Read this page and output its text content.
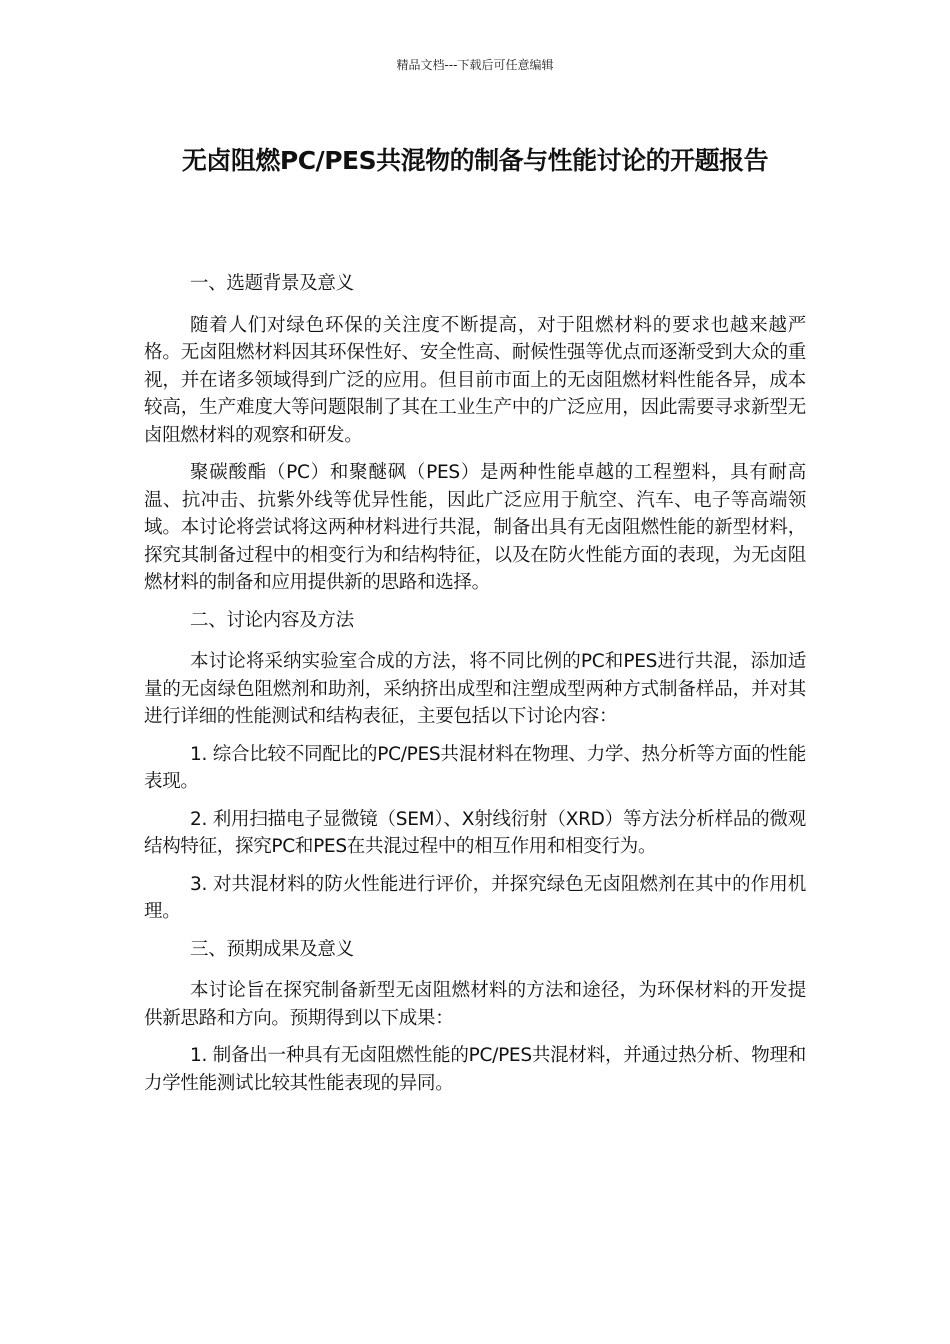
精品文档---下载后可任意编辑
无卤阻燃PC/PES共混物的制备与性能讨论的开题报告

一、选题背景及意义

随着人们对绿色环保的关注度不断提高，对于阻燃材料的要求也越来越严格。无卤阻燃材料因其环保性好、安全性高、耐候性强等优点而逐渐受到大众的重视，并在诸多领域得到广泛的应用。但目前市面上的无卤阻燃材料性能各异，成本较高，生产难度大等问题限制了其在工业生产中的广泛应用，因此需要寻求新型无卤阻燃材料的观察和研发。

聚碳酸酯（PC）和聚醚砜（PES）是两种性能卓越的工程塑料，具有耐高温、抗冲击、抗紫外线等优异性能，因此广泛应用于航空、汽车、电子等高端领域。本讨论将尝试将这两种材料进行共混，制备出具有无卤阻燃性能的新型材料，探究其制备过程中的相变行为和结构特征，以及在防火性能方面的表现，为无卤阻燃材料的制备和应用提供新的思路和选择。

二、讨论内容及方法

本讨论将采纳实验室合成的方法，将不同比例的PC和PES进行共混，添加适量的无卤绿色阻燃剂和助剂，采纳挤出成型和注塑成型两种方式制备样品，并对其进行详细的性能测试和结构表征，主要包括以下讨论内容：

1. 综合比较不同配比的PC/PES共混材料在物理、力学、热分析等方面的性能表现。

2. 利用扫描电子显微镜（SEM）、X射线衍射（XRD）等方法分析样品的微观结构特征，探究PC和PES在共混过程中的相互作用和相变行为。

3. 对共混材料的防火性能进行评价，并探究绿色无卤阻燃剂在其中的作用机理。

三、预期成果及意义

本讨论旨在探究制备新型无卤阻燃材料的方法和途径，为环保材料的开发提供新思路和方向。预期得到以下成果：

1. 制备出一种具有无卤阻燃性能的PC/PES共混材料，并通过热分析、物理和力学性能测试比较其性能表现的异同。
